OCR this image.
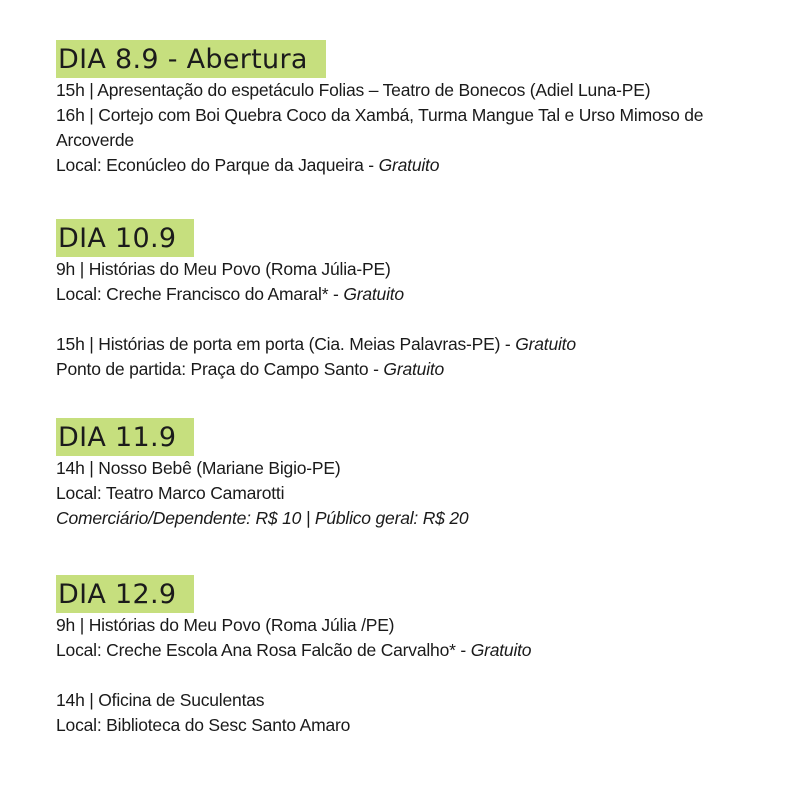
DIA 8.9 - Abertura

15h | Apresentação do espetáculo Folias – Teatro de Bonecos (Adiel Luna-PE)

16h | Cortejo com Boi Quebra Coco da Xambá, Turma Mangue Tal e Urso Mimoso de Arcoverde

Local: Econúcleo do Parque da Jaqueira - Gratuito

DIA 10.9

9h | Histórias do Meu Povo (Roma Júlia-PE)

Local: Creche Francisco do Amaral* - Gratuito

15h | Histórias de porta em porta (Cia. Meias Palavras-PE) - Gratuito

Ponto de partida: Praça do Campo Santo - Gratuito

DIA 11.9

14h | Nosso Bebê (Mariane Bigio-PE)

Local: Teatro Marco Camarotti

Comerciário/Dependente: R$ 10 | Público geral: R$ 20

DIA 12.9

9h | Histórias do Meu Povo (Roma Júlia /PE)

Local: Creche Escola Ana Rosa Falcão de Carvalho* - Gratuito

14h | Oficina de Suculentas

Local: Biblioteca do Sesc Santo Amaro
